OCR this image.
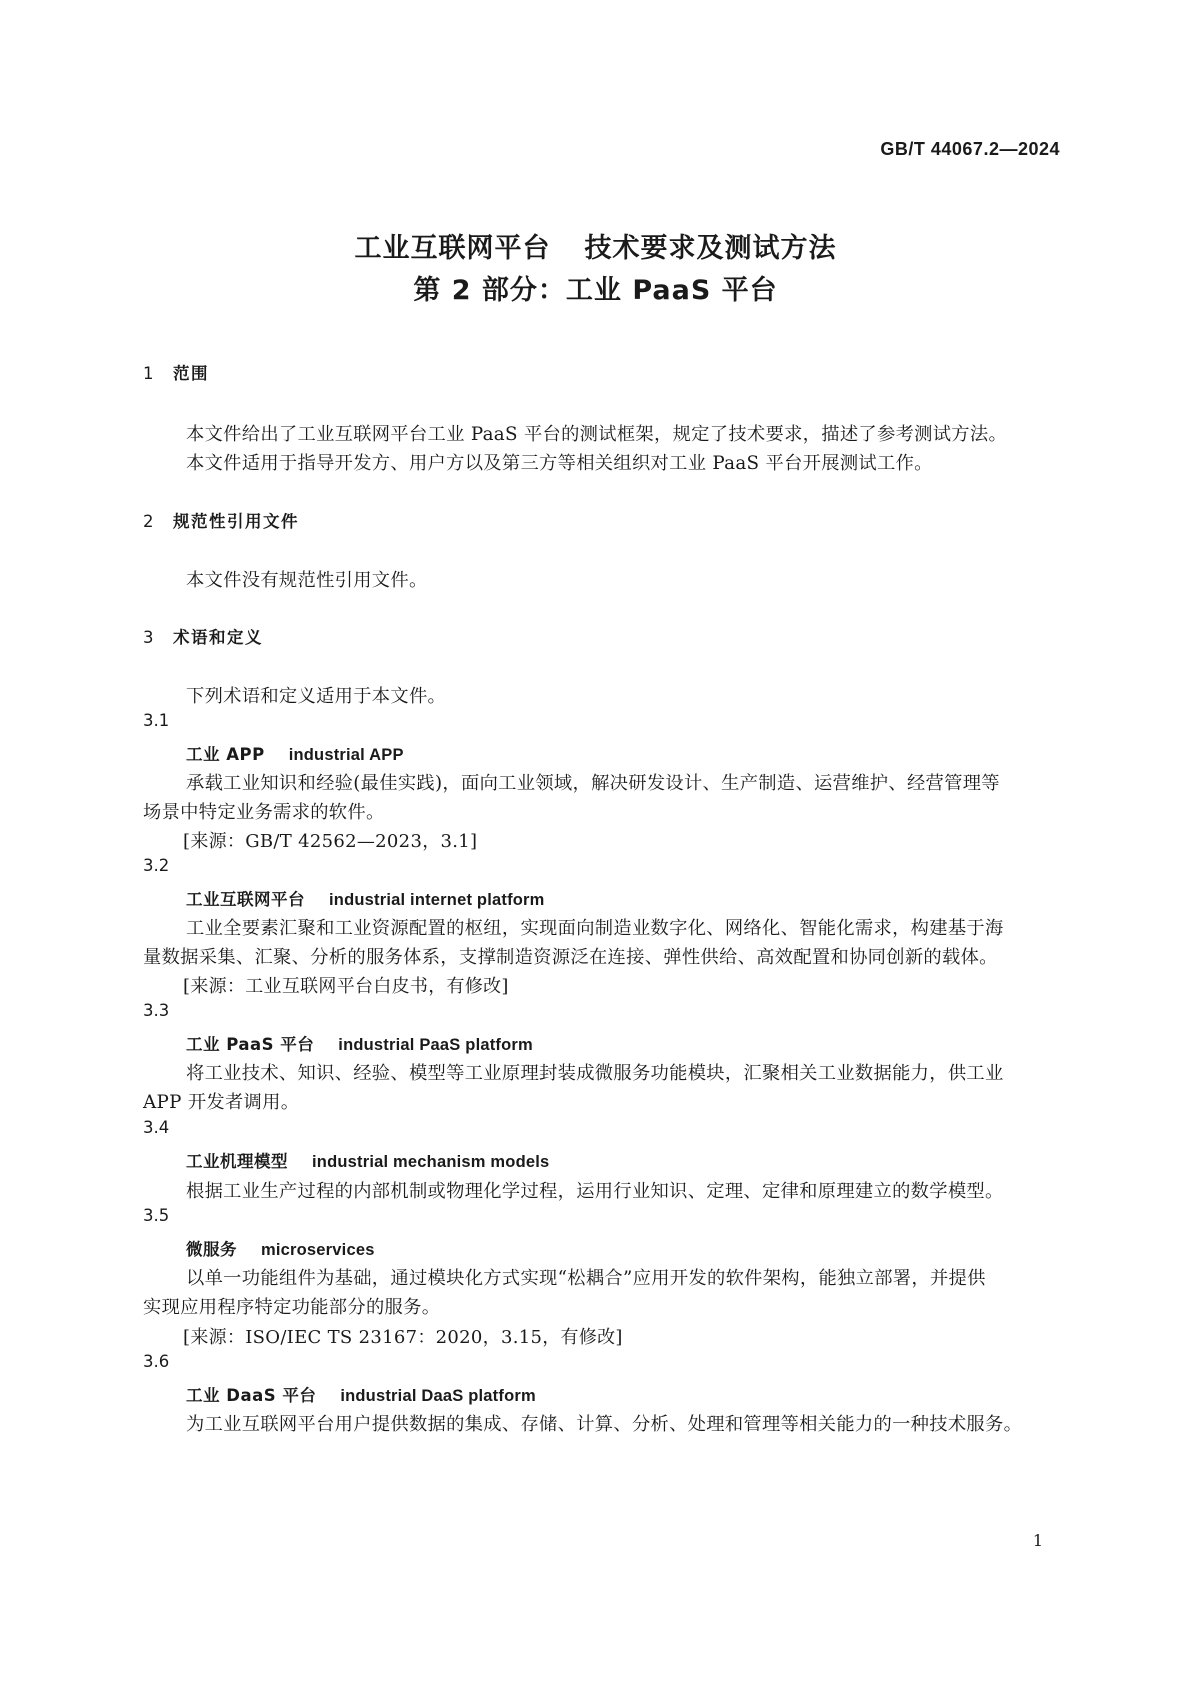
GB/T 44067.2—2024
工业互联网平台 技术要求及测试方法
第 2 部分：工业 PaaS 平台
1 范围
本文件给出了工业互联网平台工业 PaaS 平台的测试框架，规定了技术要求，描述了参考测试方法。
本文件适用于指导开发方、用户方以及第三方等相关组织对工业 PaaS 平台开展测试工作。
2 规范性引用文件
本文件没有规范性引用文件。
3 术语和定义
下列术语和定义适用于本文件。
3.1
工业 APP industrial APP
承载工业知识和经验(最佳实践)，面向工业领域，解决研发设计、生产制造、运营维护、经营管理等
场景中特定业务需求的软件。
[来源：GB/T 42562—2023，3.1]
3.2
工业互联网平台 industrial internet platform
工业全要素汇聚和工业资源配置的枢纽，实现面向制造业数字化、网络化、智能化需求，构建基于海
量数据采集、汇聚、分析的服务体系，支撑制造资源泛在连接、弹性供给、高效配置和协同创新的载体。
[来源：工业互联网平台白皮书，有修改]
3.3
工业 PaaS 平台 industrial PaaS platform
将工业技术、知识、经验、模型等工业原理封装成微服务功能模块，汇聚相关工业数据能力，供工业
APP 开发者调用。
3.4
工业机理模型 industrial mechanism models
根据工业生产过程的内部机制或物理化学过程，运用行业知识、定理、定律和原理建立的数学模型。
3.5
微服务 microservices
以单一功能组件为基础，通过模块化方式实现“松耦合”应用开发的软件架构，能独立部署，并提供
实现应用程序特定功能部分的服务。
[来源：ISO/IEC TS 23167：2020，3.15，有修改]
3.6
工业 DaaS 平台 industrial DaaS platform
为工业互联网平台用户提供数据的集成、存储、计算、分析、处理和管理等相关能力的一种技术服务。
1
